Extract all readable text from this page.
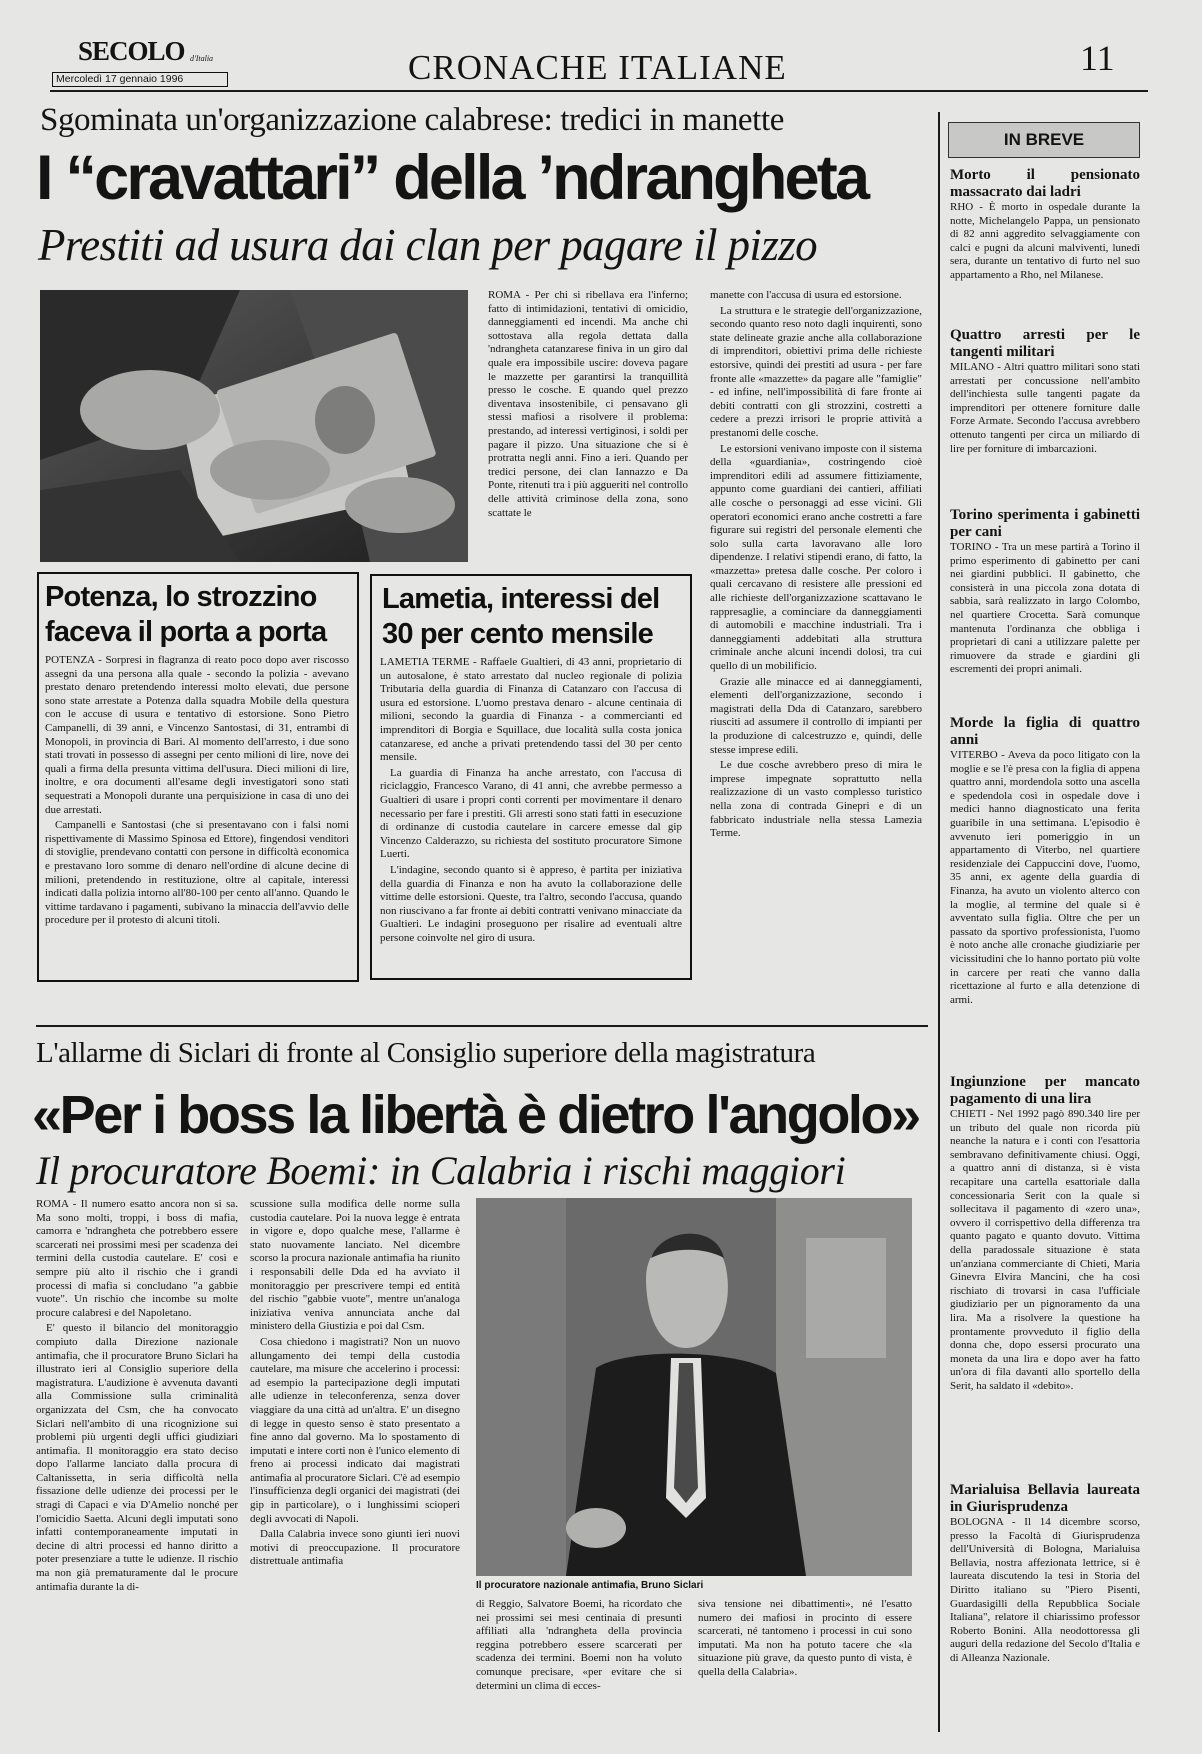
SECOLO d'Italia
Mercoledì 17 gennaio 1996	CRONACHE ITALIANE	11
Sgominata un'organizzazione calabrese: tredici in manette
I “cravattari” della ’ndrangheta
Prestiti ad usura dai clan per pagare il pizzo

ROMA - Per chi si ribellava era l'inferno; fatto di intimidazioni, tentativi di omicidio, danneggiamenti ed incendi. Ma anche chi sottostava alla regola dettata dalla 'ndrangheta catanzarese finiva in un giro dal quale era impossibile uscire: doveva pagare le mazzette per garantirsi la tranquillità presso le cosche. E quando quel prezzo diventava insostenibile, ci pensavano gli stessi mafiosi a risolvere il problema: prestando, ad interessi vertiginosi, i soldi per pagare il pizzo. Una situazione che si è protratta negli anni. Fino a ieri. Quando per tredici persone, dei clan Iannazzo e Da Ponte, ritenuti tra i più aggueriti nel controllo delle attività criminose della zona, sono scattate le

manette con l'accusa di usura ed estorsione.

La struttura e le strategie dell'organizzazione, secondo quanto reso noto dagli inquirenti, sono state delineate grazie anche alla collaborazione di imprenditori, obiettivi prima delle richieste estorsive, quindi dei prestiti ad usura - per fare fronte alle «mazzette» da pagare alle "famiglie" - ed infine, nell'impossibilità di fare fronte ai debiti contratti con gli strozzini, costretti a cedere a prezzi irrisori le proprie attività a prestanomi delle cosche.

Le estorsioni venivano imposte con il sistema della «guardiania», costringendo cioè imprenditori edili ad assumere fittiziamente, appunto come guardiani dei cantieri, affiliati alle cosche o personaggi ad esse vicini. Gli operatori economici erano anche costretti a fare figurare sui registri del personale elementi che solo sulla carta lavoravano alle loro dipendenze. I relativi stipendi erano, di fatto, la «mazzetta» pretesa dalle cosche. Per coloro i quali cercavano di resistere alle pressioni ed alle richieste dell'organizzazione scattavano le rappresaglie, a cominciare da danneggiamenti di automobili e macchine industriali. Tra i danneggiamenti addebitati alla struttura criminale anche alcuni incendi dolosi, tra cui quello di un mobilificio.

Grazie alle minacce ed ai danneggiamenti, elementi dell'organizzazione, secondo i magistrati della Dda di Catanzaro, sarebbero riusciti ad assumere il controllo di impianti per la produzione di calcestruzzo e, quindi, delle stesse imprese edili.

Le due cosche avrebbero preso di mira le imprese impegnate soprattutto nella realizzazione di un vasto complesso turistico nella zona di contrada Ginepri e di un fabbricato industriale nella stessa Lamezia Terme.

Potenza, lo strozzino faceva il porta a porta

POTENZA - Sorpresi in flagranza di reato poco dopo aver riscosso assegni da una persona alla quale - secondo la polizia - avevano prestato denaro pretendendo interessi molto elevati, due persone sono state arrestate a Potenza dalla squadra Mobile della questura con le accuse di usura e tentativo di estorsione. Sono Pietro Campanelli, di 39 anni, e Vincenzo Santostasi, di 31, entrambi di Monopoli, in provincia di Bari. Al momento dell'arresto, i due sono stati trovati in possesso di assegni per cento milioni di lire, nove dei quali a firma della presunta vittima dell'usura. Dieci milioni di lire, inoltre, e ora documenti all'esame degli investigatori sono stati sequestrati a Monopoli durante una perquisizione in casa di uno dei due arrestati.

Campanelli e Santostasi (che si presentavano con i falsi nomi rispettivamente di Massimo Spinosa ed Ettore), fingendosi venditori di stoviglie, prendevano contatti con persone in difficoltà economica e prestavano loro somme di denaro nell'ordine di alcune decine di milioni, pretendendo in restituzione, oltre al capitale, interessi indicati dalla polizia intorno all'80-100 per cento all'anno. Quando le vittime tardavano i pagamenti, subivano la minaccia dell'avvio delle procedure per il protesto di alcuni titoli.

Lametia, interessi del 30 per cento mensile

LAMETIA TERME - Raffaele Gualtieri, di 43 anni, proprietario di un autosalone, è stato arrestato dal nucleo regionale di polizia Tributaria della guardia di Finanza di Catanzaro con l'accusa di usura ed estorsione. L'uomo prestava denaro - alcune centinaia di milioni, secondo la guardia di Finanza - a commercianti ed imprenditori di Borgia e Squillace, due località sulla costa jonica catanzarese, ed anche a privati pretendendo tassi del 30 per cento mensile.

La guardia di Finanza ha anche arrestato, con l'accusa di riciclaggio, Francesco Varano, di 41 anni, che avrebbe permesso a Gualtieri di usare i propri conti correnti per movimentare il denaro necessario per fare i prestiti. Gli arresti sono stati fatti in esecuzione di ordinanze di custodia cautelare in carcere emesse dal gip Vincenzo Calderazzo, su richiesta del sostituto procuratore Simone Luerti.

L'indagine, secondo quanto si è appreso, è partita per iniziativa della guardia di Finanza e non ha avuto la collaborazione delle vittime delle estorsioni. Queste, tra l'altro, secondo l'accusa, quando non riuscivano a far fronte ai debiti contratti venivano minacciate da Gualtieri. Le indagini proseguono per risalire ad eventuali altre persone coinvolte nel giro di usura.

L'allarme di Siclari di fronte al Consiglio superiore della magistratura
«Per i boss la libertà è dietro l'angolo»
Il procuratore Boemi: in Calabria i rischi maggiori

ROMA - Il numero esatto ancora non si sa. Ma sono molti, troppi, i boss di mafia, camorra e 'ndrangheta che potrebbero essere scarcerati nei prossimi mesi per scadenza dei termini della custodia cautelare. E' così e sempre più alto il rischio che i grandi processi di mafia si concludano "a gabbie vuote". Un rischio che incombe su molte procure calabresi e del Napoletano.

E' questo il bilancio del monitoraggio compiuto dalla Direzione nazionale antimafia, che il procuratore Bruno Siclari ha illustrato ieri al Consiglio superiore della magistratura. L'audizione è avvenuta davanti alla Commissione sulla criminalità organizzata del Csm, che ha convocato Siclari nell'ambito di una ricognizione sui problemi più urgenti degli uffici giudiziari antimafia. Il monitoraggio era stato deciso dopo l'allarme lanciato dalla procura di Caltanissetta, in seria difficoltà nella fissazione delle udienze dei processi per le stragi di Capaci e via D'Amelio nonché per l'omicidio Saetta. Alcuni degli imputati sono infatti contemporaneamente imputati in decine di altri processi ed hanno diritto a poter presenziare a tutte le udienze. Il rischio ma non già prematuramente dal le procure antimafia durante la di-

scussione sulla modifica delle norme sulla custodia cautelare. Poi la nuova legge è entrata in vigore e, dopo qualche mese, l'allarme è stato nuovamente lanciato. Nel dicembre scorso la procura nazionale antimafia ha riunito i responsabili delle Dda ed ha avviato il monitoraggio per prescrivere tempi ed entità del rischio "gabbie vuote", mentre un'analoga iniziativa veniva annunciata anche dal ministero della Giustizia e poi dal Csm.

Cosa chiedono i magistrati? Non un nuovo allungamento dei tempi della custodia cautelare, ma misure che accelerino i processi: ad esempio la partecipazione degli imputati alle udienze in teleconferenza, senza dover viaggiare da una città ad un'altra. E' un disegno di legge in questo senso è stato presentato a fine anno dal governo. Ma lo spostamento di imputati e intere corti non è l'unico elemento di freno ai processi indicato dai magistrati antimafia al procuratore Siclari. C'è ad esempio l'insufficienza degli organici dei magistrati (dei gip in particolare), o i lunghissimi scioperi degli avvocati di Napoli.

Dalla Calabria invece sono giunti ieri nuovi motivi di preoccupazione. Il procuratore distrettuale antimafia

Il procuratore nazionale antimafia, Bruno Siclari

di Reggio, Salvatore Boemi, ha ricordato che nei prossimi sei mesi centinaia di presunti affiliati alla 'ndrangheta della provincia reggina potrebbero essere scarcerati per scadenza dei termini. Boemi non ha voluto comunque precisare, «per evitare che si determini un clima di ecces-

siva tensione nei dibattimenti», né l'esatto numero dei mafiosi in procinto di essere scarcerati, né tantomeno i processi in cui sono imputati. Ma non ha potuto tacere che «la situazione più grave, da questo punto di vista, è quella della Calabria».

IN BREVE
Morto il pensionato massacrato dai ladri

RHO - È morto in ospedale durante la notte, Michelangelo Pappa, un pensionato di 82 anni aggredito selvaggiamente con calci e pugni da alcuni malviventi, lunedì sera, durante un tentativo di furto nel suo appartamento a Rho, nel Milanese.

Quattro arresti per le tangenti militari

MILANO - Altri quattro militari sono stati arrestati per concussione nell'ambito dell'inchiesta sulle tangenti pagate da imprenditori per ottenere forniture dalle Forze Armate. Secondo l'accusa avrebbero ottenuto tangenti per circa un miliardo di lire per forniture di imbarcazioni.

Torino sperimenta i gabinetti per cani

TORINO - Tra un mese partirà a Torino il primo esperimento di gabinetto per cani nei giardini pubblici. Il gabinetto, che consisterà in una piccola zona dotata di sabbia, sarà realizzato in largo Colombo, nel quartiere Crocetta. Sarà comunque mantenuta l'ordinanza che obbliga i proprietari di cani a utilizzare palette per rimuovere da strade e giardini gli escrementi dei propri animali.

Morde la figlia di quattro anni

VITERBO - Aveva da poco litigato con la moglie e se l'è presa con la figlia di appena quattro anni, mordendola sotto una ascella e spedendola così in ospedale dove i medici hanno diagnosticato una ferita guaribile in una settimana. L'episodio è avvenuto ieri pomeriggio in un appartamento di Viterbo, nel quartiere residenziale dei Cappuccini dove, l'uomo, 35 anni, ex agente della guardia di Finanza, ha avuto un violento alterco con la moglie, al termine del quale si è avventato sulla figlia. Oltre che per un passato da sportivo professionista, l'uomo è noto anche alle cronache giudiziarie per vicissitudini che lo hanno portato più volte in carcere per reati che vanno dalla ricettazione al furto e alla detenzione di armi.

Ingiunzione per mancato pagamento di una lira

CHIETI - Nel 1992 pagò 890.340 lire per un tributo del quale non ricorda più neanche la natura e i conti con l'esattoria sembravano definitivamente chiusi. Oggi, a quattro anni di distanza, si è vista recapitare una cartella esattoriale dalla concessionaria Serit con la quale si sollecitava il pagamento di «zero una», ovvero il corrispettivo della differenza tra quanto pagato e quanto dovuto. Vittima della paradossale situazione è stata un'anziana commerciante di Chieti, Maria Ginevra Elvira Mancini, che ha così rischiato di trovarsi in casa l'ufficiale giudiziario per un pignoramento da una lira. Ma a risolvere la questione ha prontamente provveduto il figlio della donna che, dopo essersi procurato una moneta da una lira e dopo aver ha fatto un'ora di fila davanti allo sportello della Serit, ha saldato il «debito».

Marialuisa Bellavia laureata in Giurisprudenza

BOLOGNA - Il 14 dicembre scorso, presso la Facoltà di Giurisprudenza dell'Università di Bologna, Marialuisa Bellavia, nostra affezionata lettrice, si è laureata discutendo la tesi in Storia del Diritto italiano su "Piero Pisenti, Guardasigilli della Repubblica Sociale Italiana", relatore il chiarissimo professor Roberto Bonini. Alla neodottoressa gli auguri della redazione del Secolo d'Italia e di Alleanza Nazionale.
